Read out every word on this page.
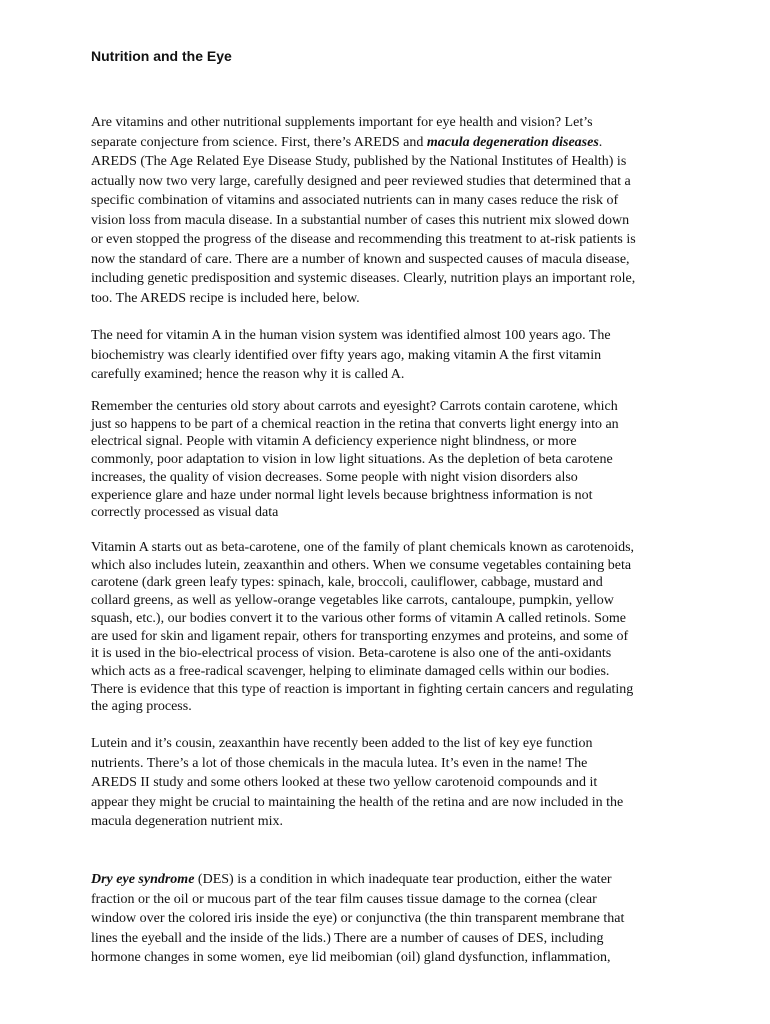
Nutrition and the Eye

Are vitamins and other nutritional supplements important for eye health and vision? Let’s
separate conjecture from science. First, there’s AREDS and macula degeneration diseases.
AREDS (The Age Related Eye Disease Study, published by the National Institutes of Health) is
actually now two very large, carefully designed and peer reviewed studies that determined that a
specific combination of vitamins and associated nutrients can in many cases reduce the risk of
vision loss from macula disease. In a substantial number of cases this nutrient mix slowed down
or even stopped the progress of the disease and recommending this treatment to at-risk patients is
now the standard of care. There are a number of known and suspected causes of macula disease,
including genetic predisposition and systemic diseases. Clearly, nutrition plays an important role,
too. The AREDS recipe is included here, below.

The need for vitamin A in the human vision system was identified almost 100 years ago. The
biochemistry was clearly identified over fifty years ago, making vitamin A the first vitamin
carefully examined; hence the reason why it is called A.

Remember the centuries old story about carrots and eyesight? Carrots contain carotene, which
just so happens to be part of a chemical reaction in the retina that converts light energy into an
electrical signal. People with vitamin A deficiency experience night blindness, or more
commonly, poor adaptation to vision in low light situations. As the depletion of beta carotene
increases, the quality of vision decreases. Some people with night vision disorders also
experience glare and haze under normal light levels because brightness information is not
correctly processed as visual data

Vitamin A starts out as beta-carotene, one of the family of plant chemicals known as carotenoids,
which also includes lutein, zeaxanthin and others. When we consume vegetables containing beta
carotene (dark green leafy types: spinach, kale, broccoli, cauliflower, cabbage, mustard and
collard greens, as well as yellow-orange vegetables like carrots, cantaloupe, pumpkin, yellow
squash, etc.), our bodies convert it to the various other forms of vitamin A called retinols. Some
are used for skin and ligament repair, others for transporting enzymes and proteins, and some of
it is used in the bio-electrical process of vision. Beta-carotene is also one of the anti-oxidants
which acts as a free-radical scavenger, helping to eliminate damaged cells within our bodies.
There is evidence that this type of reaction is important in fighting certain cancers and regulating
the aging process.

Lutein and it’s cousin, zeaxanthin have recently been added to the list of key eye function
nutrients. There’s a lot of those chemicals in the macula lutea. It’s even in the name! The
AREDS II study and some others looked at these two yellow carotenoid compounds and it
appear they might be crucial to maintaining the health of the retina and are now included in the
macula degeneration nutrient mix.

Dry eye syndrome (DES) is a condition in which inadequate tear production, either the water
fraction or the oil or mucous part of the tear film causes tissue damage to the cornea (clear
window over the colored iris inside the eye) or conjunctiva (the thin transparent membrane that
lines the eyeball and the inside of the lids.) There are a number of causes of DES, including
hormone changes in some women, eye lid meibomian (oil) gland dysfunction, inflammation,
